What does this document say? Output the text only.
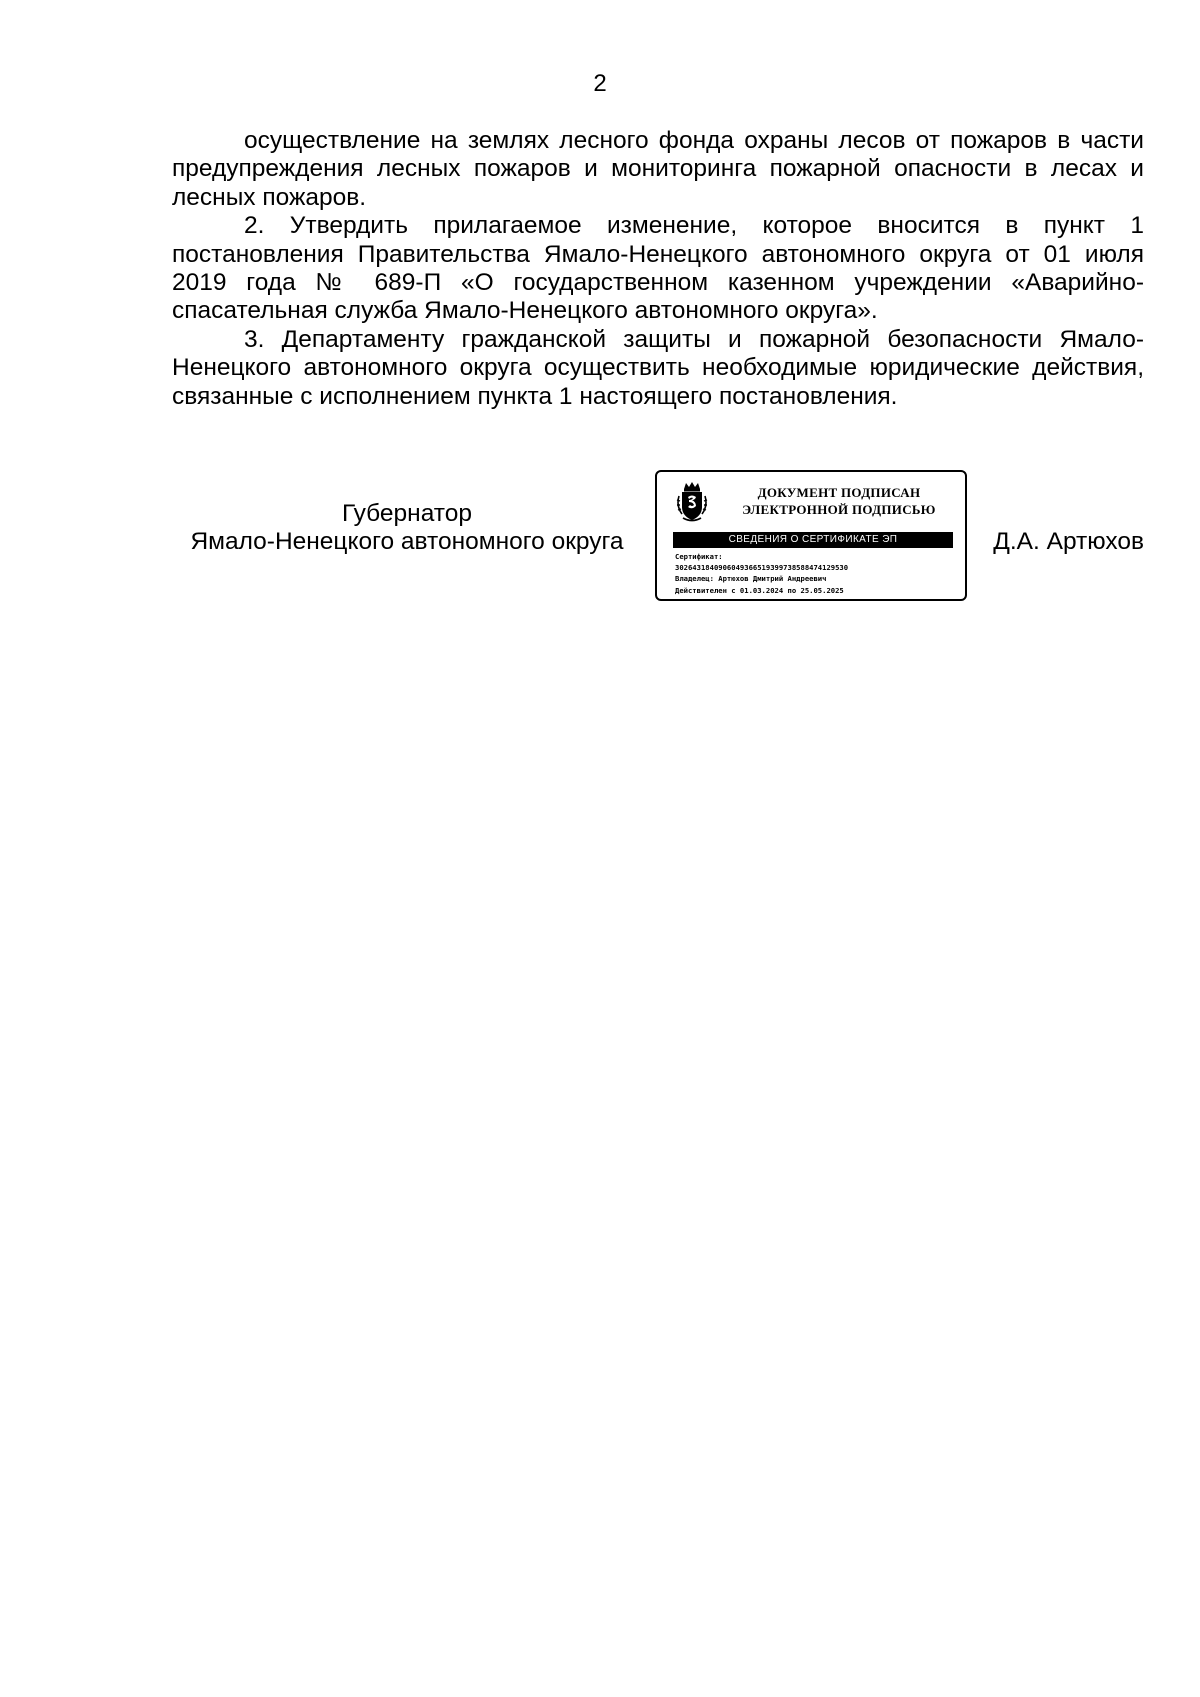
2

осуществление на землях лесного фонда охраны лесов от пожаров в части предупреждения лесных пожаров и мониторинга пожарной опасности в лесах и лесных пожаров.

2. Утвердить прилагаемое изменение, которое вносится в пункт 1 постановления Правительства Ямало-Ненецкого автономного округа от 01 июля 2019 года № 689-П «О государственном казенном учреждении «Аварийно-спасательная служба Ямало-Ненецкого автономного округа».

3. Департаменту гражданской защиты и пожарной безопасности Ямало-Ненецкого автономного округа осуществить необходимые юридические действия, связанные с исполнением пункта 1 настоящего постановления.

Губернатор
Ямало-Ненецкого автономного округа
ДОКУМЕНТ ПОДПИСАН
ЭЛЕКТРОННОЙ ПОДПИСЬЮ
СВЕДЕНИЯ О СЕРТИФИКАТЕ ЭП
Сертификат:
3026431840906049366519399738588474129530
Владелец: Артюхов Дмитрий Андреевич
Действителен с 01.03.2024 по 25.05.2025
Д.А. Артюхов
